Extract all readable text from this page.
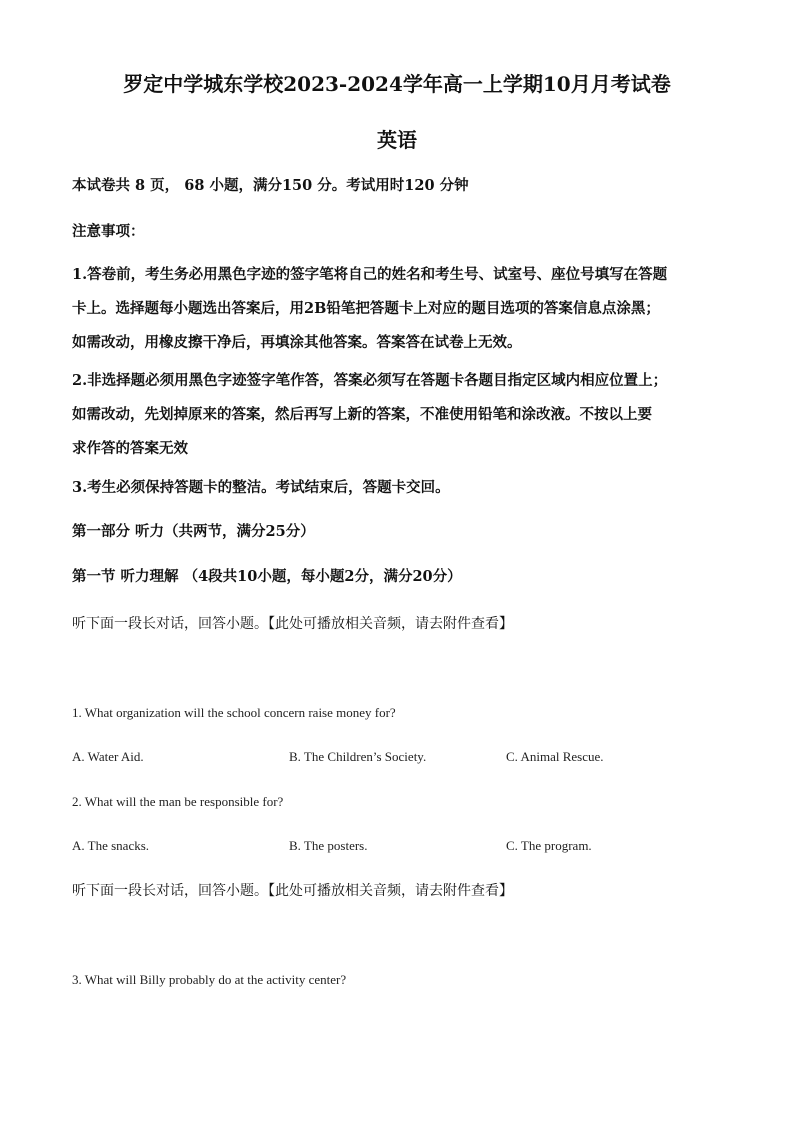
罗定中学城东学校2023-2024学年高一上学期10月月考试卷
英语
本试卷共 8 页， 68 小题，满分150 分。考试用时120 分钟
注意事项：
1.答卷前，考生务必用黑色字迹的签字笔将自己的姓名和考生号、试室号、座位号填写在答题
卡上。选择题每小题选出答案后，用2B铅笔把答题卡上对应的题目选项的答案信息点涂黑；
如需改动，用橡皮擦干净后，再填涂其他答案。答案答在试卷上无效。
2.非选择题必须用黑色字迹签字笔作答，答案必须写在答题卡各题目指定区域内相应位置上；
如需改动，先划掉原来的答案，然后再写上新的答案，不准使用铅笔和涂改液。不按以上要
求作答的答案无效
3.考生必须保持答题卡的整洁。考试结束后，答题卡交回。
第一部分 听力（共两节，满分25分）
第一节 听力理解 （4段共10小题，每小题2分，满分20分）
听下面一段长对话，回答小题。【此处可播放相关音频，请去附件查看】
1. What organization will the school concern raise money for?
A. Water Aid.	B. The Children’s Society.	C. Animal Rescue.
2. What will the man be responsible for?
A. The snacks.	B. The posters.	C. The program.
听下面一段长对话，回答小题。【此处可播放相关音频，请去附件查看】
3. What will Billy probably do at the activity center?
